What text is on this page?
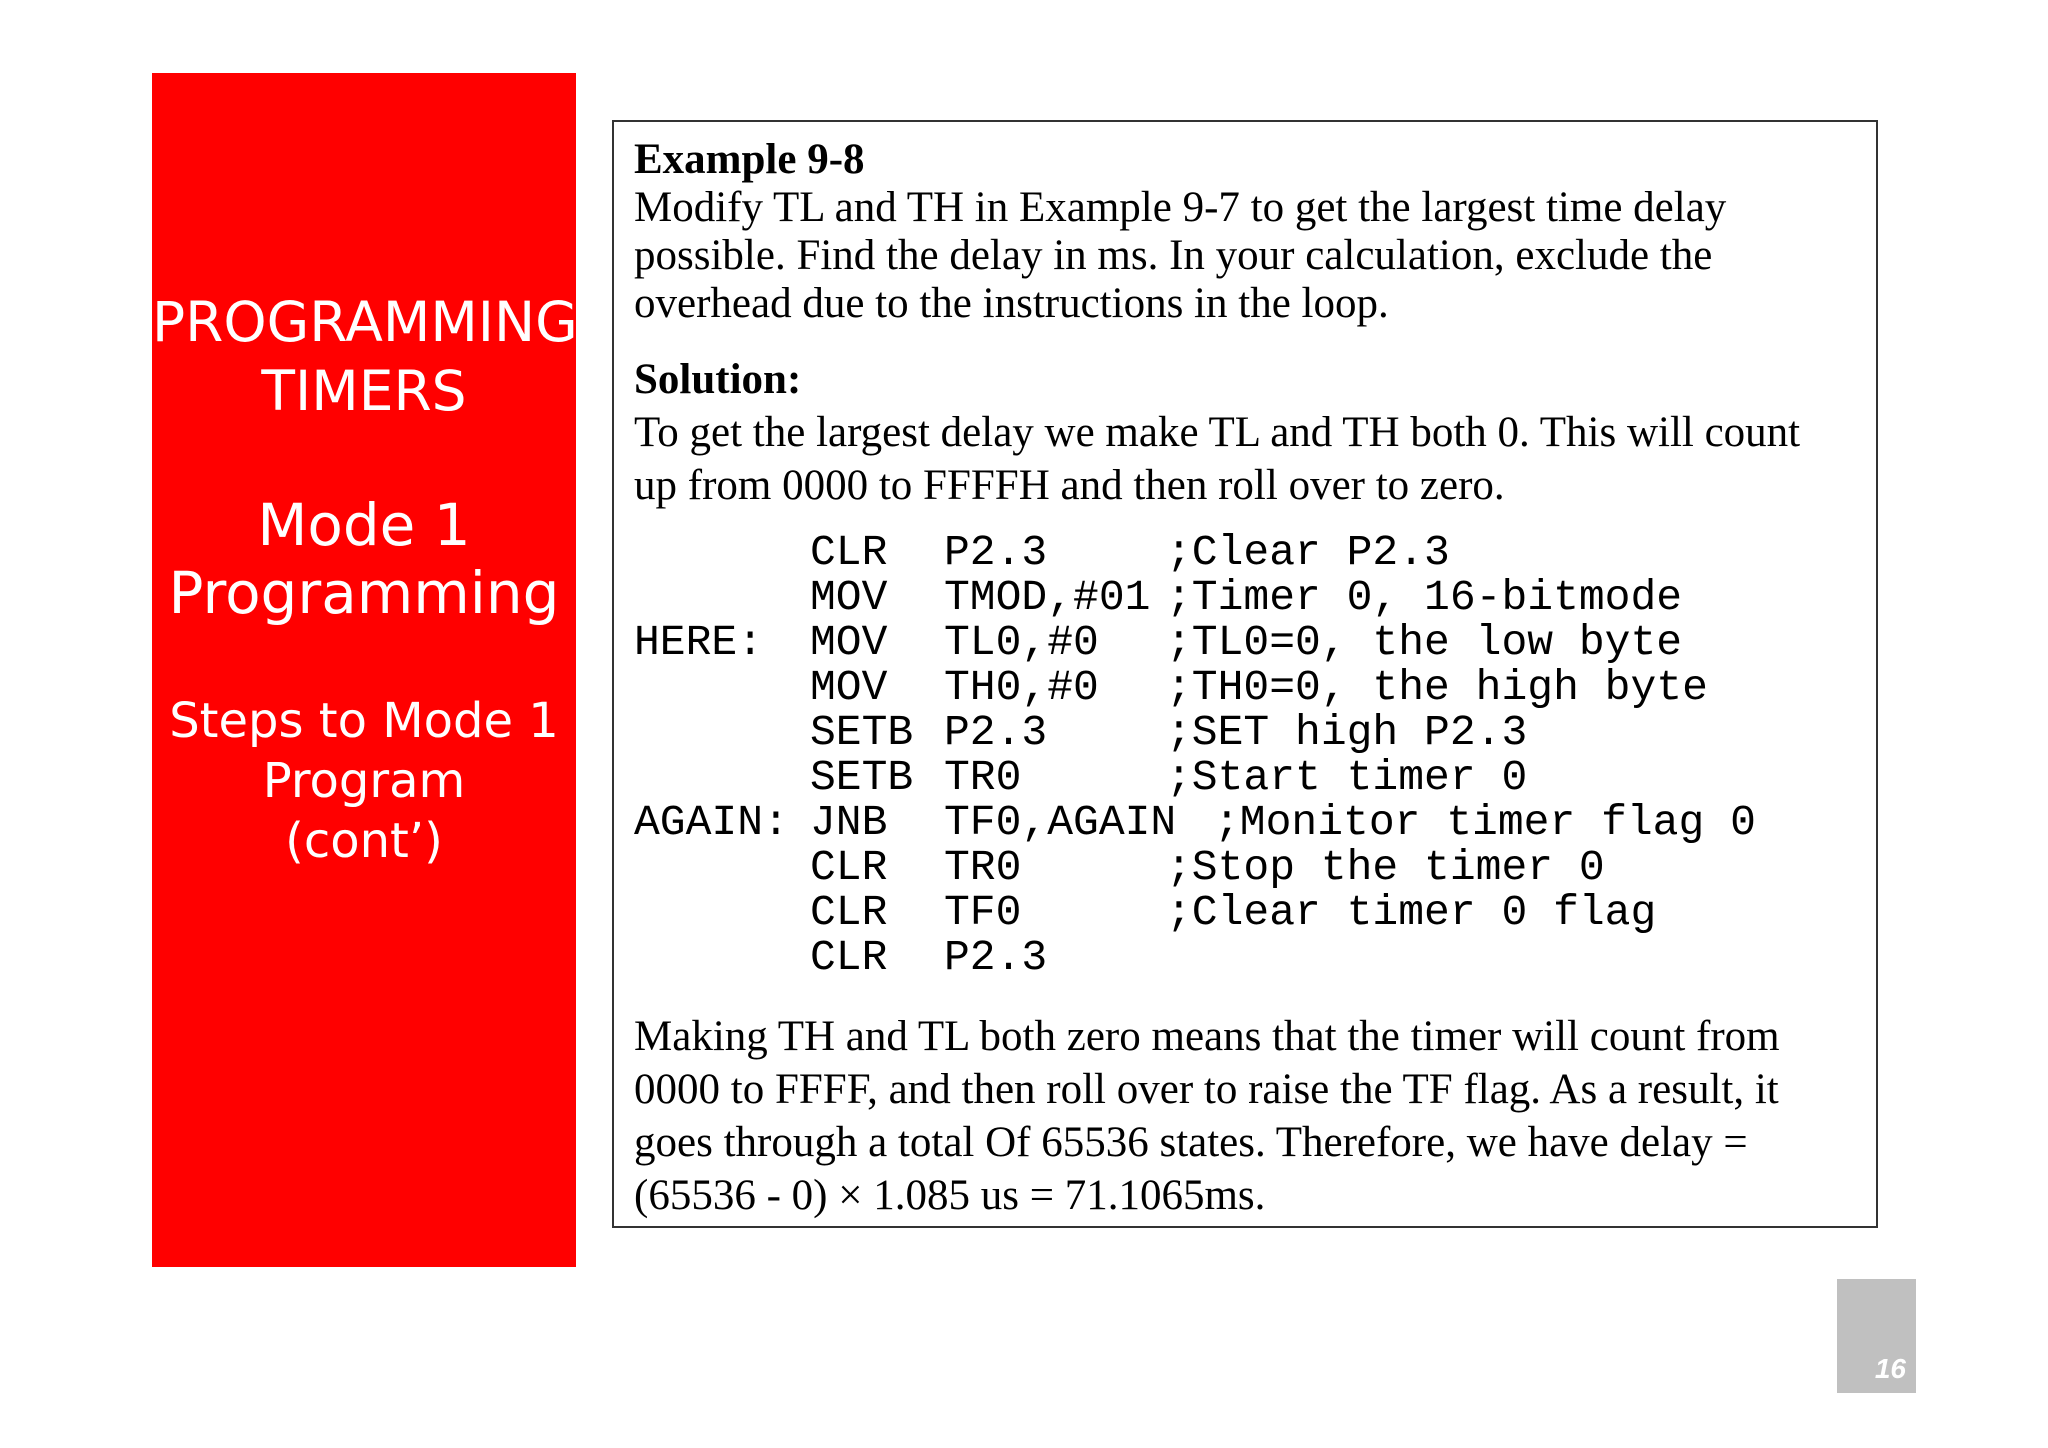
PROGRAMMING
TIMERS
Mode 1
Programming
Steps to Mode 1
Program
(cont’)
Example 9-8
Modify TL and TH in Example 9-7 to get the largest time delay
possible. Find the delay in ms. In your calculation, exclude the
overhead due to the instructions in the loop.
Solution:
To get the largest delay we make TL and TH both 0. This will count
up from 0000 to FFFFH and then roll over to zero.
CLR P2.3	;Clear P2.3
MOV TMOD,#01 ;Timer 0, 16-bitmode
HERE: MOV TL0,#0 ;TL0=0, the low byte
MOV TH0,#0 ;TH0=0, the high byte
SETB P2.3	;SET high P2.3
SETB TR0	;Start timer 0
AGAIN: JNB TF0,AGAIN ;Monitor timer flag 0
CLR TR0	;Stop the timer 0
CLR TF0	;Clear timer 0 flag
CLR P2.3
Making TH and TL both zero means that the timer will count from
0000 to FFFF, and then roll over to raise the TF flag. As a result, it
goes through a total Of 65536 states. Therefore, we have delay =
(65536 - 0) × 1.085 us = 71.1065ms.
16
